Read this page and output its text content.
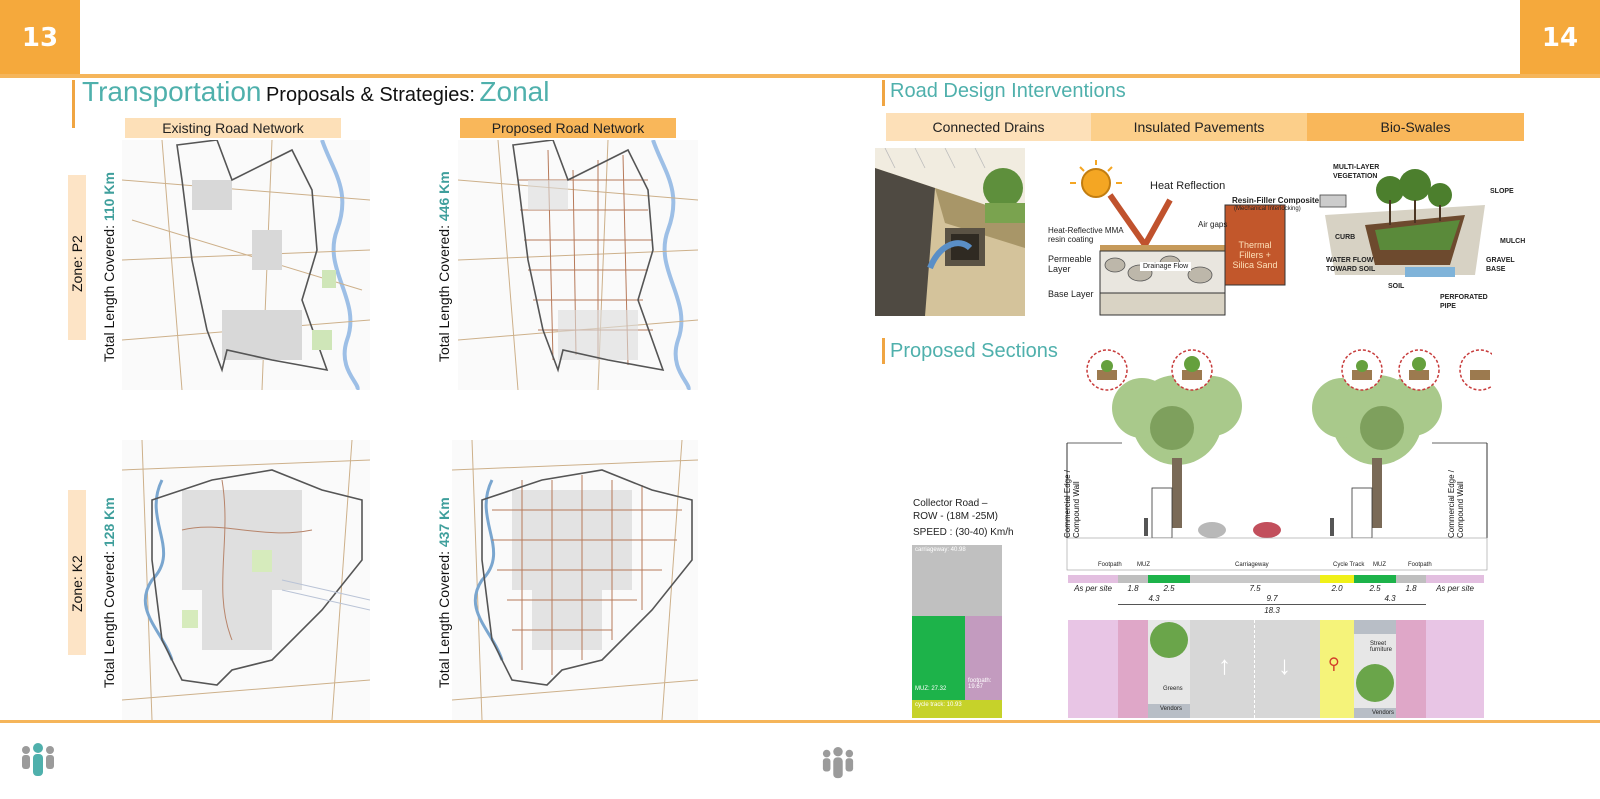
13	14
Transportation Proposals & Strategies: Zonal
Existing Road Network	Proposed Road Network
Zone: P2 Total Length Covered: 110 Km
Total Length Covered: 446 Km
Zone: K2 Total Length Covered: 128 Km
Total Length Covered: 437 Km
Road Design Interventions
Connected Drains	Insulated Pavements	Bio-Swales
Heat Reflection
Resin-Filler Composite
(Mechanical Interlocking)
Air gaps
Heat-Reflective MMA resin coating
Permeable Layer	Drainage Flow
Base Layer
Thermal Fillers + Silica Sand
MULTI-LAYER VEGETATION
SLOPE
CURB
MULCH
WATER FLOW TOWARD SOIL
GRAVEL BASE
SOIL
PERFORATED PIPE
Proposed Sections
Collector Road –
ROW - (18M -25M)
SPEED : (30-40) Km/h
carriageway: 40.98
MUZ: 27.32
footpath: 19.67
cycle track: 10.93
Commercial Edge / Compound Wall	Commercial Edge / Compound Wall
Footpath	MUZ	Carriageway	Cycle Track MUZ	Footpath
As per site	1.8	2.5	7.5	2.0	2.5	1.8	As per site
4.3	9.7	4.3
18.3
↑ ↓ ⚲
Greens
Vendors
Street furniture
Vendors
